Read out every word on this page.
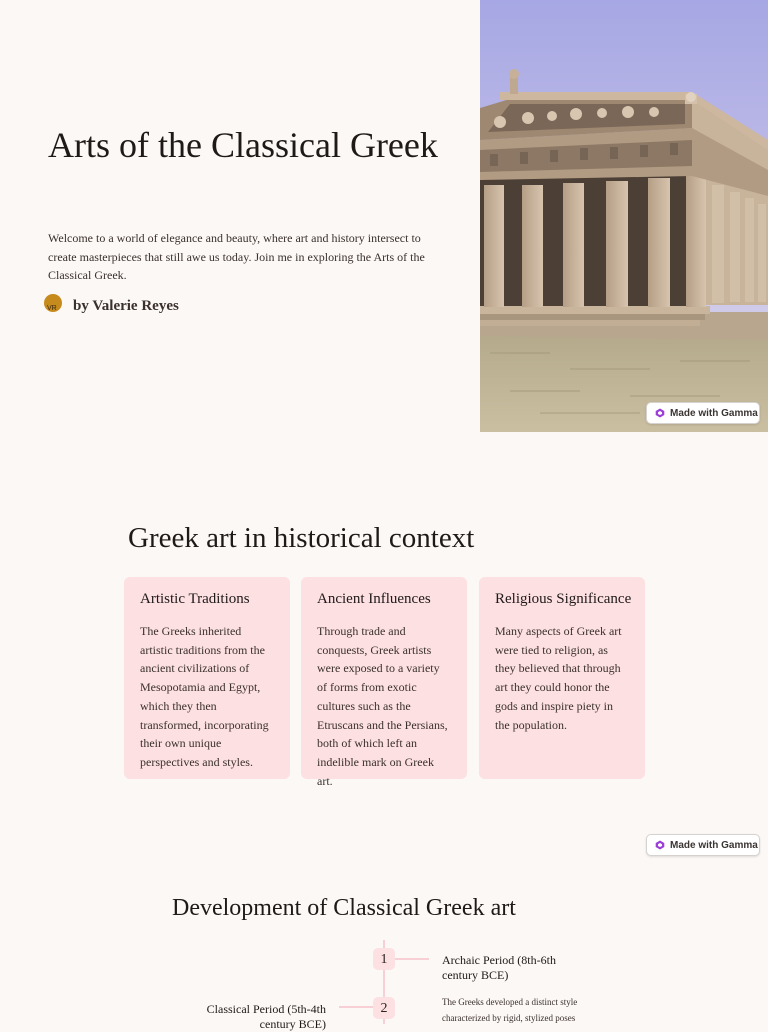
Arts of the Classical Greek

Welcome to a world of elegance and beauty, where art and history intersect to create masterpieces that still awe us today. Join me in exploring the Arts of the Classical Greek.

VR by Valerie Reyes
Made with Gamma
Greek art in historical context
Artistic Traditions

The Greeks inherited artistic traditions from the ancient civilizations of Mesopotamia and Egypt, which they then transformed, incorporating their own unique perspectives and styles.

Ancient Influences

Through trade and conquests, Greek artists were exposed to a variety of forms from exotic cultures such as the Etruscans and the Persians, both of which left an indelible mark on Greek art.

Religious Significance

Many aspects of Greek art were tied to religion, as they believed that through art they could honor the gods and inspire piety in the population.

Made with Gamma
Development of Classical Greek art
1	Archaic Period (8th-6th century BCE)

The Greeks developed a distinct style characterized by rigid, stylized poses

2

Classical Period (5th-4th century BCE)
